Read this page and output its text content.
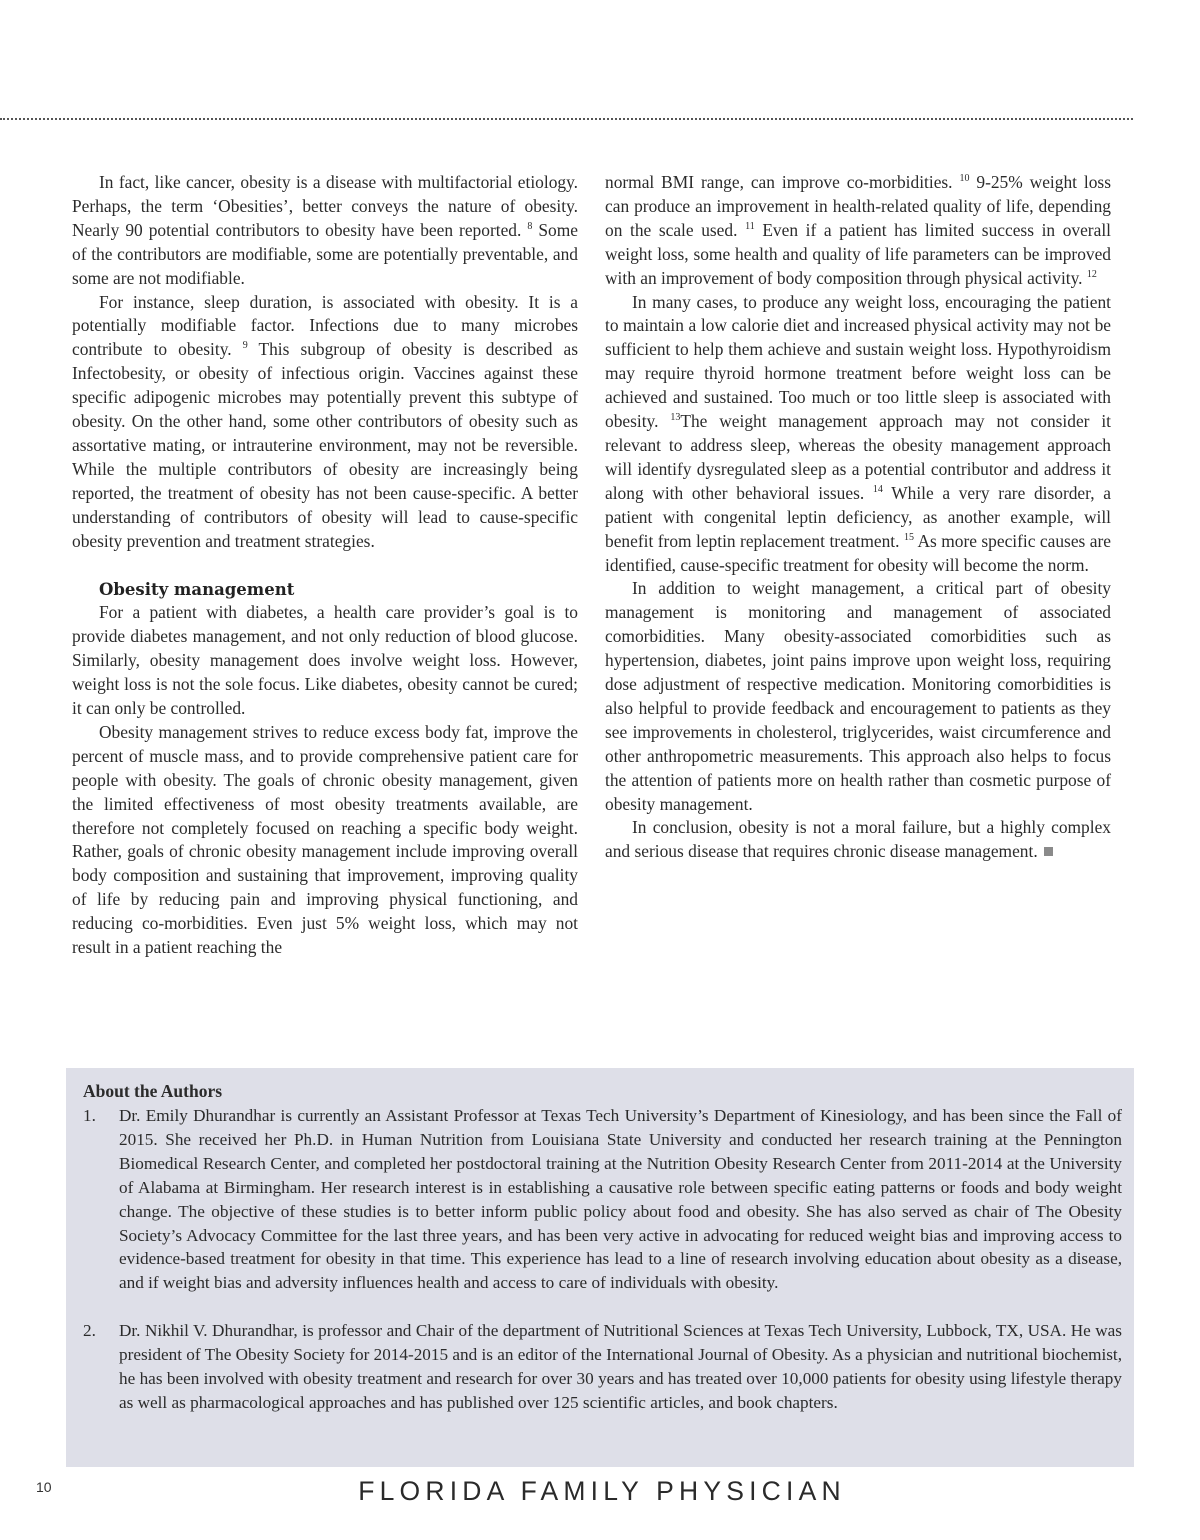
In fact, like cancer, obesity is a disease with multifactorial etiology. Perhaps, the term ‘Obesities’, better conveys the nature of obesity. Nearly 90 potential contributors to obesity have been reported. $^8$ Some of the contributors are modifiable, some are potentially preventable, and some are not modifiable.

For instance, sleep duration, is associated with obesity. It is a potentially modifiable factor. Infections due to many microbes contribute to obesity. $^9$ This subgroup of obesity is described as Infectobesity, or obesity of infectious origin. Vaccines against these specific adipogenic microbes may potentially prevent this subtype of obesity. On the other hand, some other contributors of obesity such as assortative mating, or intrauterine environment, may not be reversible. While the multiple contributors of obesity are increasingly being reported, the treatment of obesity has not been cause-specific. A better understanding of contributors of obesity will lead to cause-specific obesity prevention and treatment strategies.

Obesity management

For a patient with diabetes, a health care provider’s goal is to provide diabetes management, and not only reduction of blood glucose. Similarly, obesity management does involve weight loss. However, weight loss is not the sole focus. Like diabetes, obesity cannot be cured; it can only be controlled.

Obesity management strives to reduce excess body fat, improve the percent of muscle mass, and to provide comprehensive patient care for people with obesity. The goals of chronic obesity management, given the limited effectiveness of most obesity treatments available, are therefore not completely focused on reaching a specific body weight. Rather, goals of chronic obesity management include improving overall body composition and sustaining that improvement, improving quality of life by reducing pain and improving physical functioning, and reducing co-morbidities. Even just 5% weight loss, which may not result in a patient reaching the

normal BMI range, can improve co-morbidities. $^{10}$ 9-25% weight loss can produce an improvement in health-related quality of life, depending on the scale used. $^{11}$ Even if a patient has limited success in overall weight loss, some health and quality of life parameters can be improved with an improvement of body composition through physical activity. $^{12}$

In many cases, to produce any weight loss, encouraging the patient to maintain a low calorie diet and increased physical activity may not be sufficient to help them achieve and sustain weight loss. Hypothyroidism may require thyroid hormone treatment before weight loss can be achieved and sustained. Too much or too little sleep is associated with obesity. $^{13}$The weight management approach may not consider it relevant to address sleep, whereas the obesity management approach will identify dysregulated sleep as a potential contributor and address it along with other behavioral issues. $^{14}$ While a very rare disorder, a patient with congenital leptin deficiency, as another example, will benefit from leptin replacement treatment. $^{15}$ As more specific causes are identified, cause-specific treatment for obesity will become the norm.

In addition to weight management, a critical part of obesity management is monitoring and management of associated comorbidities. Many obesity-associated comorbidities such as hypertension, diabetes, joint pains improve upon weight loss, requiring dose adjustment of respective medication. Monitoring comorbidities is also helpful to provide feedback and encouragement to patients as they see improvements in cholesterol, triglycerides, waist circumference and other anthropometric measurements. This approach also helps to focus the attention of patients more on health rather than cosmetic purpose of obesity management.

In conclusion, obesity is not a moral failure, but a highly complex and serious disease that requires chronic disease management.

About the Authors
1.	Dr. Emily Dhurandhar is currently an Assistant Professor at Texas Tech University’s Department of Kinesiology, and has been since the Fall of 2015. She received her Ph.D. in Human Nutrition from Louisiana State University and conducted her research training at the Pennington Biomedical Research Center, and completed her postdoctoral training at the Nutrition Obesity Research Center from 2011-2014 at the University of Alabama at Birmingham. Her research interest is in establishing a causative role between specific eating patterns or foods and body weight change. The objective of these studies is to better inform public policy about food and obesity. She has also served as chair of The Obesity Society’s Advocacy Committee for the last three years, and has been very active in advocating for reduced weight bias and improving access to evidence-based treatment for obesity in that time. This experience has lead to a line of research involving education about obesity as a disease, and if weight bias and adversity influences health and access to care of individuals with obesity.
2.	Dr. Nikhil V. Dhurandhar, is professor and Chair of the department of Nutritional Sciences at Texas Tech University, Lubbock, TX, USA. He was president of The Obesity Society for 2014-2015 and is an editor of the International Journal of Obesity. As a physician and nutritional biochemist, he has been involved with obesity treatment and research for over 30 years and has treated over 10,000 patients for obesity using lifestyle therapy as well as pharmacological approaches and has published over 125 scientific articles, and book chapters.
10	FLORIDA FAMILY PHYSICIAN
